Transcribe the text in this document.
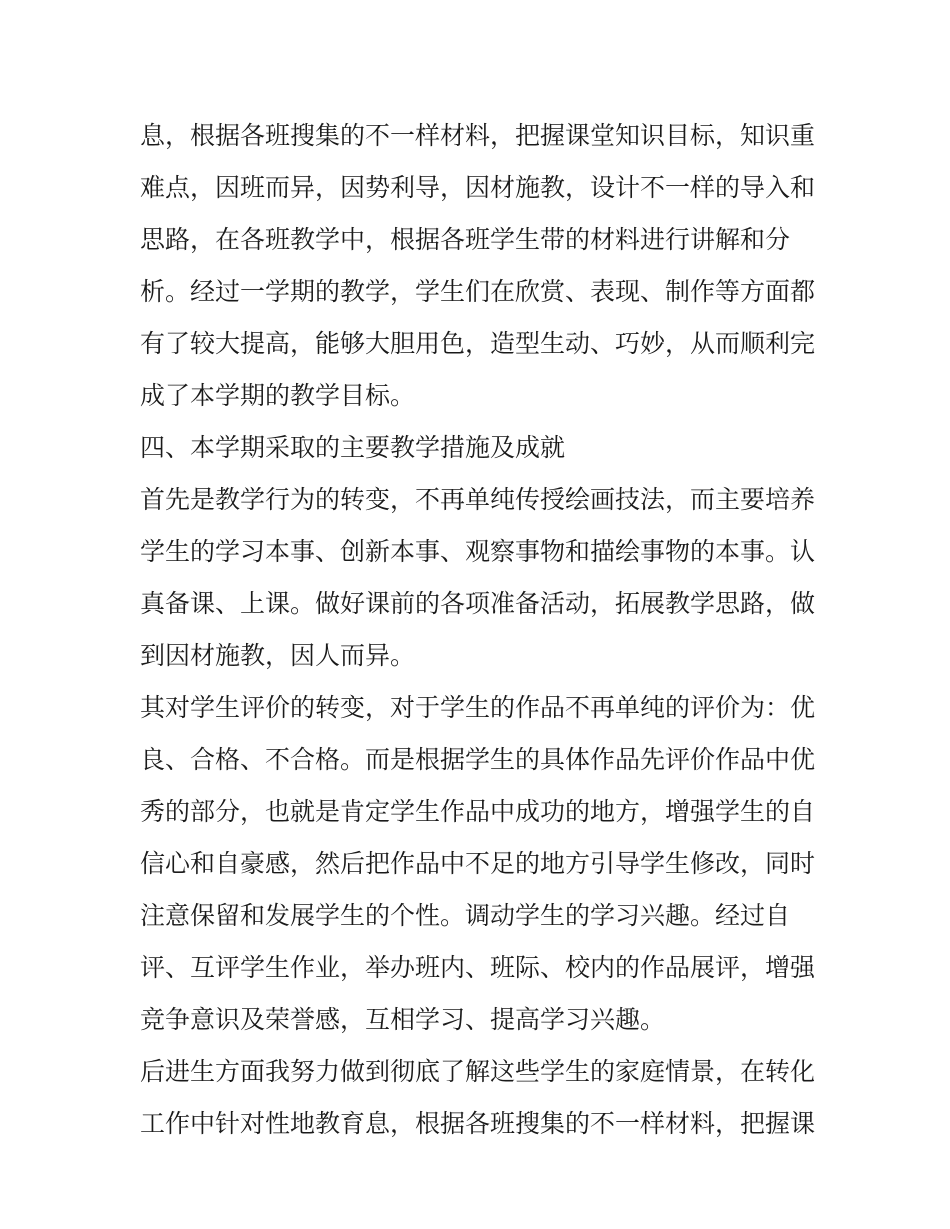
息，根据各班搜集的不一样材料，把握课堂知识目标，知识重
难点，因班而异，因势利导，因材施教，设计不一样的导入和
思路，在各班教学中，根据各班学生带的材料进行讲解和分
析。经过一学期的教学，学生们在欣赏、表现、制作等方面都
有了较大提高，能够大胆用色，造型生动、巧妙，从而顺利完
成了本学期的教学目标。
四、本学期采取的主要教学措施及成就
首先是教学行为的转变，不再单纯传授绘画技法，而主要培养
学生的学习本事、创新本事、观察事物和描绘事物的本事。认
真备课、上课。做好课前的各项准备活动，拓展教学思路，做
到因材施教，因人而异。
其对学生评价的转变，对于学生的作品不再单纯的评价为：优
良、合格、不合格。而是根据学生的具体作品先评价作品中优
秀的部分，也就是肯定学生作品中成功的地方，增强学生的自
信心和自豪感，然后把作品中不足的地方引导学生修改，同时
注意保留和发展学生的个性。调动学生的学习兴趣。经过自
评、互评学生作业，举办班内、班际、校内的作品展评，增强
竞争意识及荣誉感，互相学习、提高学习兴趣。
后进生方面我努力做到彻底了解这些学生的家庭情景，在转化
工作中针对性地教育息，根据各班搜集的不一样材料，把握课
